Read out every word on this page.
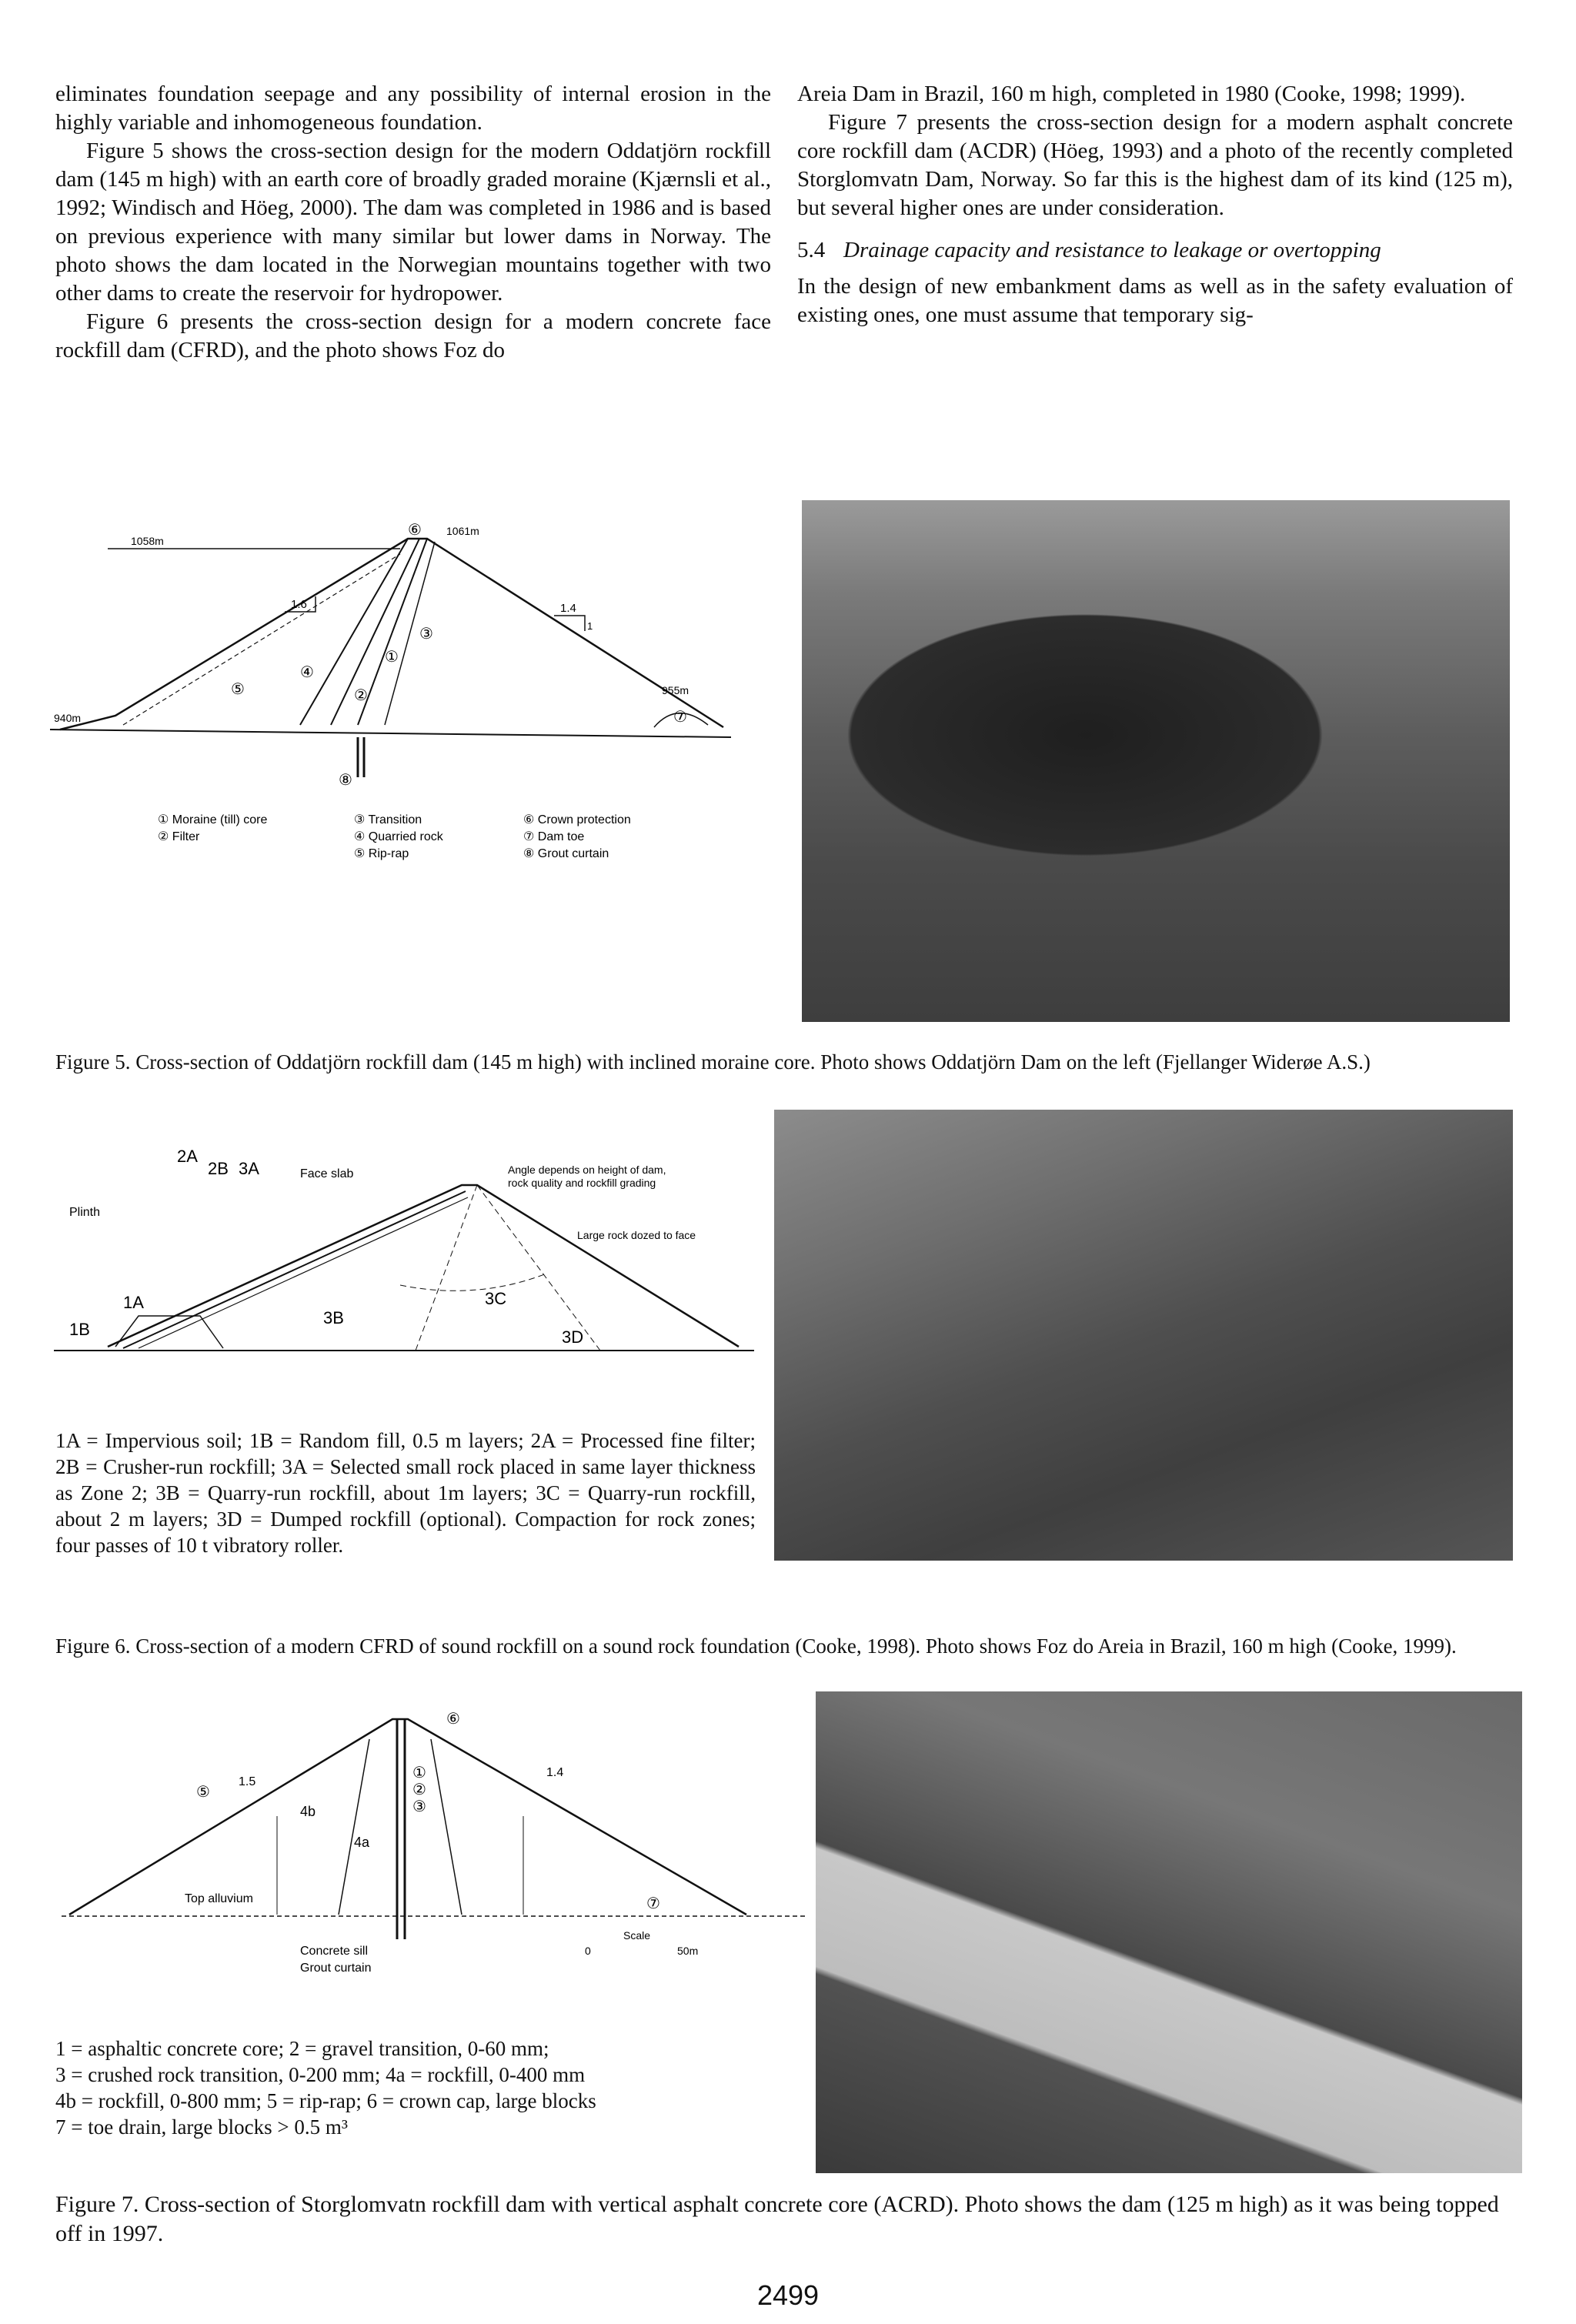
eliminates foundation seepage and any possibility of internal erosion in the highly variable and inhomogeneous foundation.

Figure 5 shows the cross-section design for the modern Oddatjörn rockfill dam (145 m high) with an earth core of broadly graded moraine (Kjærnsli et al., 1992; Windisch and Höeg, 2000). The dam was completed in 1986 and is based on previous experience with many similar but lower dams in Norway. The photo shows the dam located in the Norwegian mountains together with two other dams to create the reservoir for hydropower.

Figure 6 presents the cross-section design for a modern concrete face rockfill dam (CFRD), and the photo shows Foz do

Areia Dam in Brazil, 160 m high, completed in 1980 (Cooke, 1998; 1999).

Figure 7 presents the cross-section design for a modern asphalt concrete core rockfill dam (ACDR) (Höeg, 1993) and a photo of the recently completed Storglomvatn Dam, Norway. So far this is the highest dam of its kind (125 m), but several higher ones are under consideration.

5.4 Drainage capacity and resistance to leakage or overtopping

In the design of new embankment dams as well as in the safety evaluation of existing ones, one must assume that temporary sig-

1.6	1.4
1
1058m
1061m
940m
955m
①
②
③
④
⑤
⑥
⑦
⑧
① Moraine (till) core
② Filter
③ Transition
④ Quarried rock
⑤ Rip-rap
⑥ Crown protection
⑦ Dam toe
⑧ Grout curtain
Figure 5. Cross-section of Oddatjörn rockfill dam (145 m high) with inclined moraine core. Photo shows Oddatjörn Dam on the left (Fjellanger Widerøe A.S.)
2A
2B 3A
1A
1B
3B
3C
3D
Face slab
Plinth
Angle depends on height of dam,
rock quality and rockfill grading
Large rock dozed to face

1A = Impervious soil; 1B = Random fill, 0.5 m layers; 2A = Processed fine filter; 2B = Crusher-run rockfill; 3A = Selected small rock placed in same layer thickness as Zone 2; 3B = Quarry-run rockfill, about 1m layers; 3C = Quarry-run rockfill, about 2 m layers; 3D = Dumped rockfill (optional). Compaction for rock zones; four passes of 10 t vibratory roller.

Figure 6. Cross-section of a modern CFRD of sound rockfill on a sound rock foundation (Cooke, 1998). Photo shows Foz do Areia in Brazil, 160 m high (Cooke, 1999).
1.5
1.4
①
②
③
4a
4b
⑤
⑥
⑦
Top alluvium
Concrete sill
Grout curtain
Scale
0	50m

1 = asphaltic concrete core; 2 = gravel transition, 0-60 mm;

3 = crushed rock transition, 0-200 mm; 4a = rockfill, 0-400 mm

4b = rockfill, 0-800 mm; 5 = rip-rap; 6 = crown cap, large blocks

7 = toe drain, large blocks > 0.5 m³

Figure 7. Cross-section of Storglomvatn rockfill dam with vertical asphalt concrete core (ACRD). Photo shows the dam (125 m high) as it was being topped off in 1997.
2499
